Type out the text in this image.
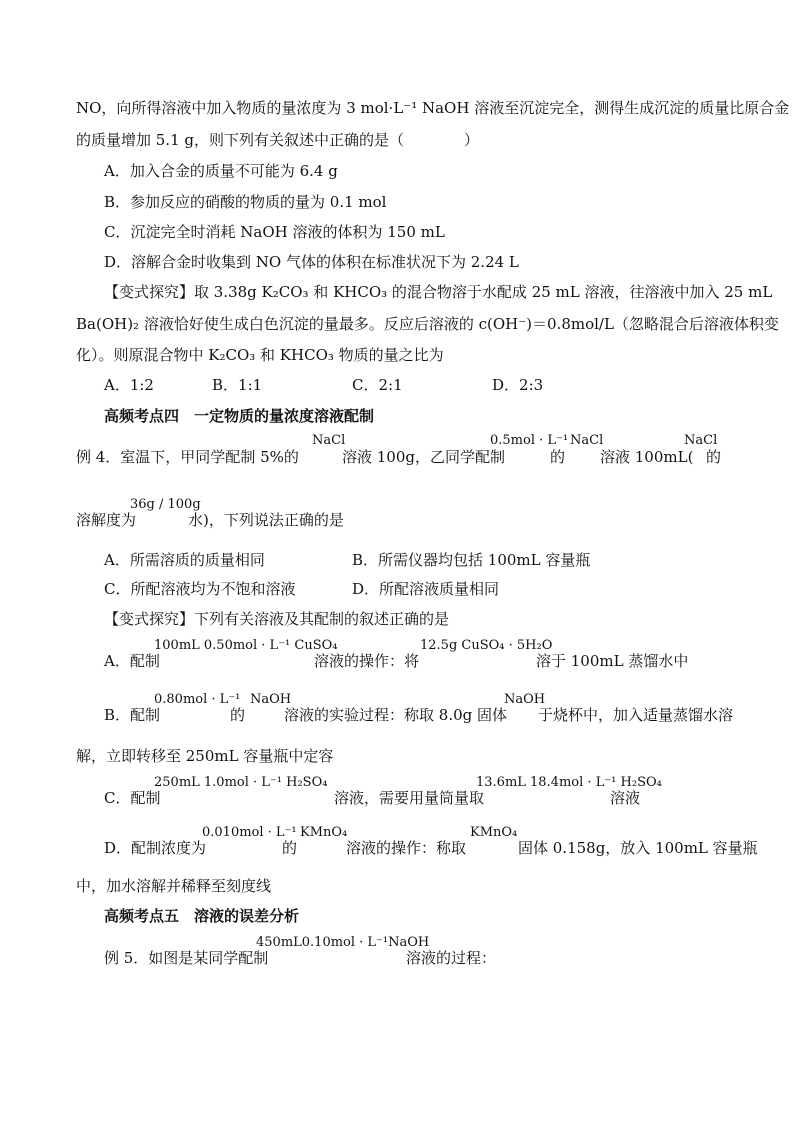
NO，向所得溶液中加入物质的量浓度为 3 mol·L⁻¹ NaOH 溶液至沉淀完全，测得生成沉淀的质量比原合金
的质量增加 5.1 g，则下列有关叙述中正确的是（　　　　）
A．加入合金的质量不可能为 6.4 g
B．参加反应的硝酸的物质的量为 0.1 mol
C．沉淀完全时消耗 NaOH 溶液的体积为 150 mL
D．溶解合金时收集到 NO 气体的体积在标准状况下为 2.24 L
【变式探究】取 3.38g K₂CO₃ 和 KHCO₃ 的混合物溶于水配成 25 mL 溶液，往溶液中加入 25 mL
Ba(OH)₂ 溶液恰好使生成白色沉淀的量最多。反应后溶液的 c(OH⁻)＝0.8mol/L（忽略混合后溶液体积变
化）。则原混合物中 K₂CO₃ 和 KHCO₃ 物质的量之比为
A．1:2	B．1:1	C．2:1	D．2:3
高频考点四　一定物质的量浓度溶液配制
例 4．室温下，甲同学配制 5%的
NaCl
溶液 100g，乙同学配制
0.5mol · L⁻¹
的
NaCl
溶液 100mL(
NaCl
的
溶解度为
36g / 100g
水)，下列说法正确的是
A．所需溶质的质量相同	B．所需仪器均包括 100mL 容量瓶
C．所配溶液均为不饱和溶液	D．所配溶液质量相同
【变式探究】下列有关溶液及其配制的叙述正确的是
A．配制
100mL 0.50mol · L⁻¹ CuSO₄
溶液的操作：将
12.5g CuSO₄ · 5H₂O
溶于 100mL 蒸馏水中
B．配制
0.80mol · L⁻¹
的
NaOH
溶液的实验过程：称取 8.0g 固体
NaOH
于烧杯中，加入适量蒸馏水溶
解，立即转移至 250mL 容量瓶中定容
C．配制
250mL 1.0mol · L⁻¹ H₂SO₄
溶液，需要用量筒量取
13.6mL 18.4mol · L⁻¹ H₂SO₄
溶液
D．配制浓度为
0.010mol · L⁻¹
的
KMnO₄
溶液的操作：称取
KMnO₄
固体 0.158g，放入 100mL 容量瓶
中，加水溶解并稀释至刻度线
高频考点五　溶液的误差分析
例 5．如图是某同学配制
450mL0.10mol · L⁻¹NaOH
溶液的过程：
